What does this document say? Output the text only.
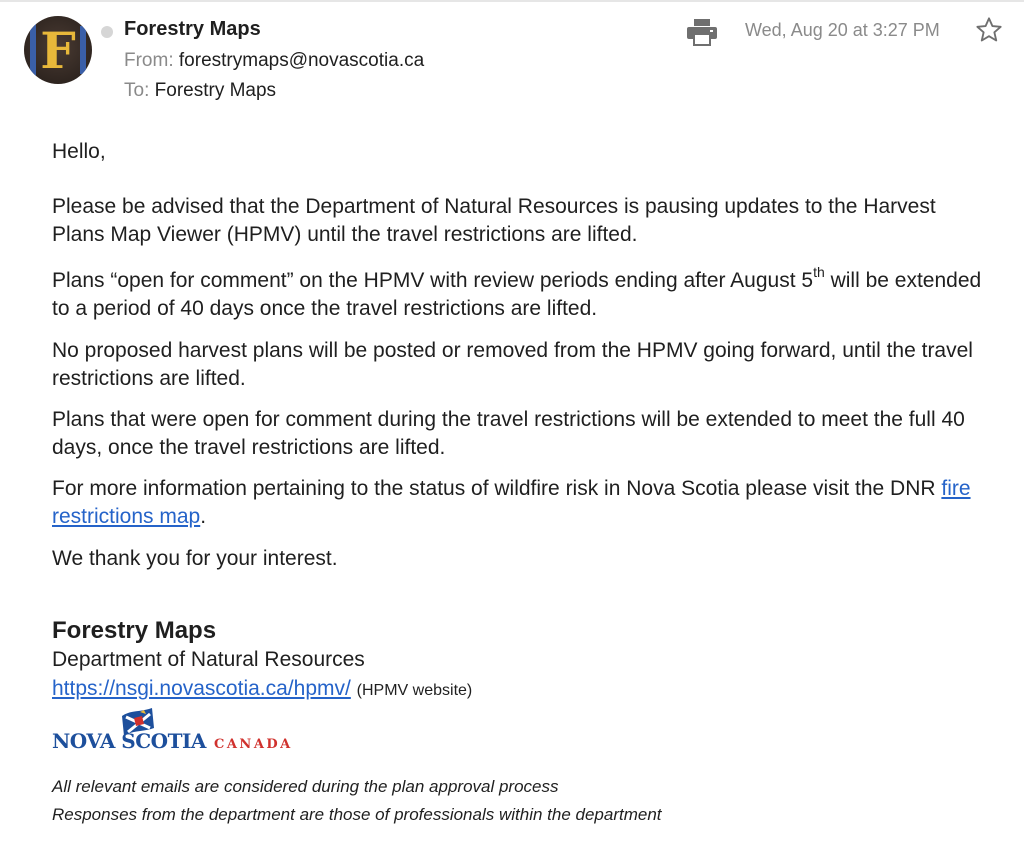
F Forestry Maps
From: forestrymaps@novascotia.ca
To: Forestry Maps
Wed, Aug 20 at 3:27 PM

Hello,

Please be advised that the Department of Natural Resources is pausing updates to the Harvest Plans Map Viewer (HPMV) until the travel restrictions are lifted.

Plans “open for comment” on the HPMV with review periods ending after August 5th will be extended to a period of 40 days once the travel restrictions are lifted.

No proposed harvest plans will be posted or removed from the HPMV going forward, until the travel restrictions are lifted.

Plans that were open for comment during the travel restrictions will be extended to meet the full 40 days, once the travel restrictions are lifted.

For more information pertaining to the status of wildfire risk in Nova Scotia please visit the DNR fire restrictions map.

We thank you for your interest.

Forestry Maps
Department of Natural Resources
https://nsgi.novascotia.ca/hpmv/ (HPMV website)
NOVA SCOTIA CANADA
All relevant emails are considered during the plan approval process
Responses from the department are those of professionals within the department
